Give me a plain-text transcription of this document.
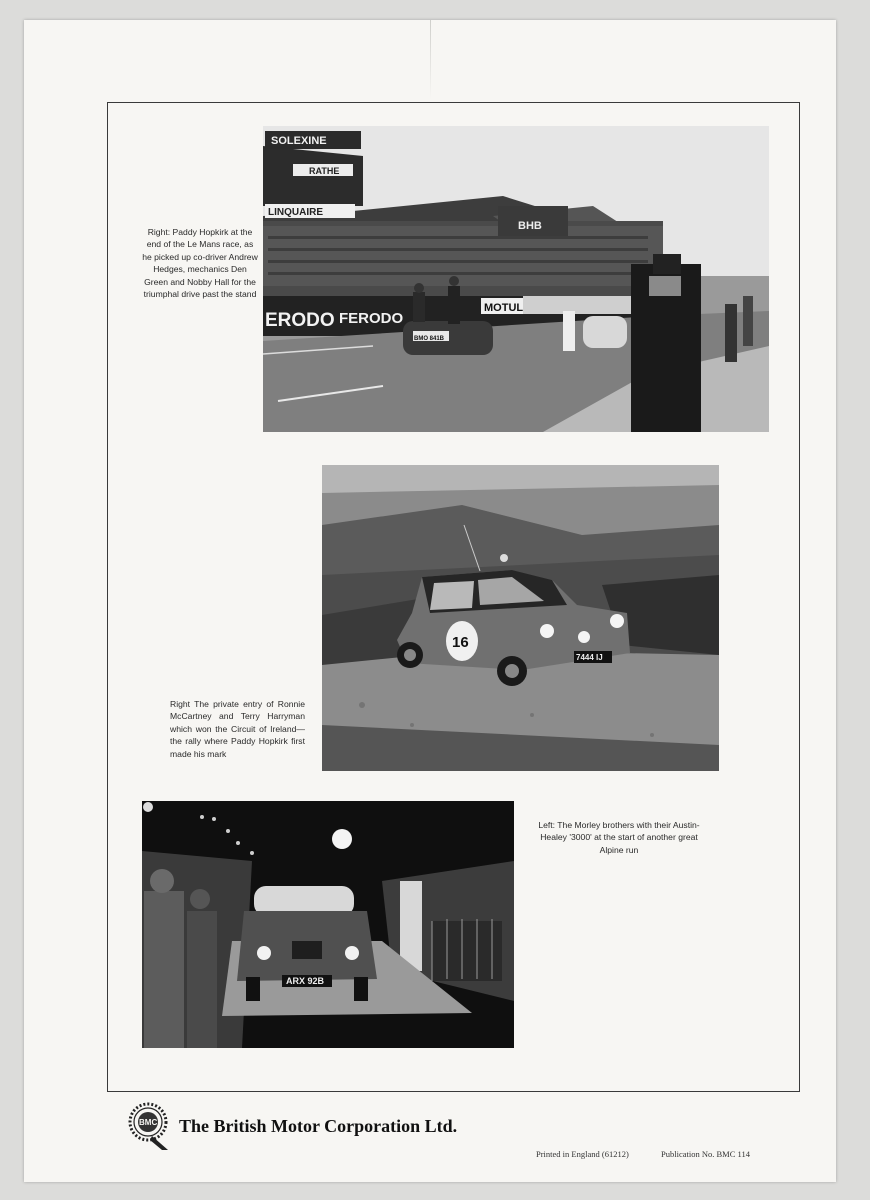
SOLEXINE
RATHE
LINQUAIRE
BHB
ERODO FERODO
MOTUL
BMO 841B
Right: Paddy Hopkirk at the end of the Le Mans race, as he picked up co-driver Andrew Hedges, mechanics Den Green and Nobby Hall for the triumphal drive past the stand
16
7444 IJ
Right The private entry of Ronnie McCartney and Terry Harryman which won the Circuit of Ireland—the rally where Paddy Hopkirk first made his mark
ARX 92B
Left: The Morley brothers with their Austin-Healey '3000' at the start of another great Alpine run
BMC The British Motor Corporation Ltd.
Printed in England (61212)	Publication No. BMC 114
